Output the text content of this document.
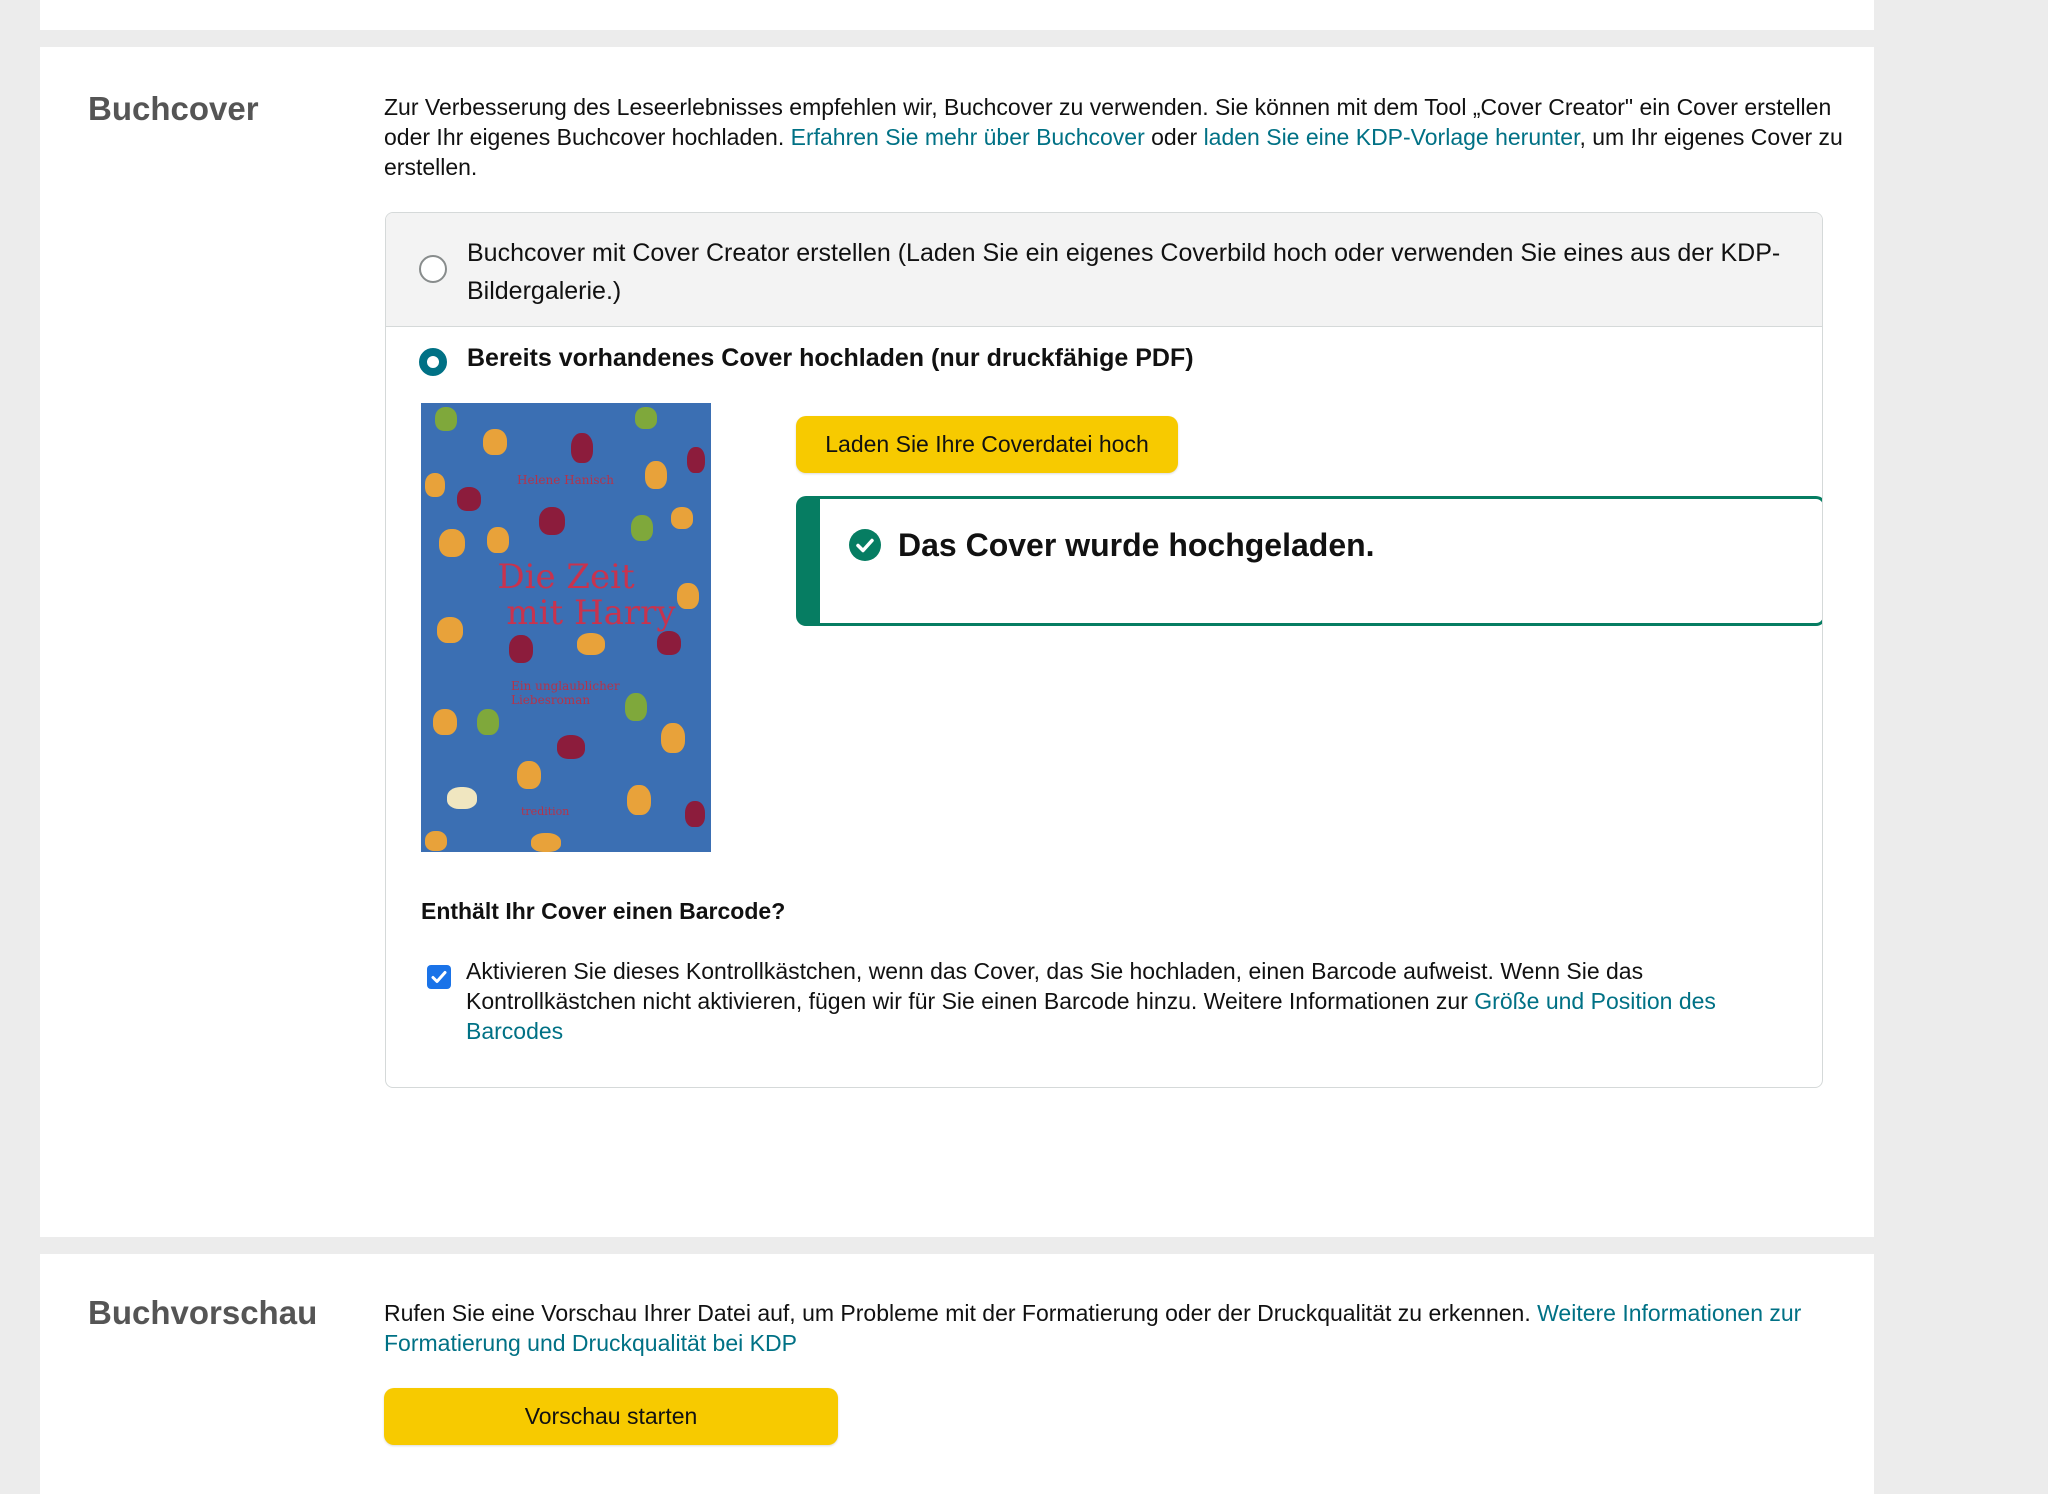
Buchcover	Zur Verbesserung des Leseerlebnisses empfehlen wir, Buchcover zu verwenden. Sie können mit dem Tool „Cover Creator" ein Cover erstellen oder Ihr eigenes Buchcover hochladen. Erfahren Sie mehr über Buchcover oder laden Sie eine KDP-Vorlage herunter, um Ihr eigenes Cover zu erstellen.
Buchcover mit Cover Creator erstellen (Laden Sie ein eigenes Coverbild hoch oder verwenden Sie eines aus der KDP-Bildergalerie.)
Bereits vorhandenes Cover hochladen (nur druckfähige PDF)
Helene Hanisch
Die Zeit
mit Harry
Ein unglaublicher Liebesroman
tredition
Laden Sie Ihre Coverdatei hoch
Das Cover wurde hochgeladen.
Enthält Ihr Cover einen Barcode?
Aktivieren Sie dieses Kontrollkästchen, wenn das Cover, das Sie hochladen, einen Barcode aufweist. Wenn Sie das Kontrollkästchen nicht aktivieren, fügen wir für Sie einen Barcode hinzu. Weitere Informationen zur Größe und Position des Barcodes
Buchvorschau	Rufen Sie eine Vorschau Ihrer Datei auf, um Probleme mit der Formatierung oder der Druckqualität zu erkennen. Weitere Informationen zur Formatierung und Druckqualität bei KDP
Vorschau starten
